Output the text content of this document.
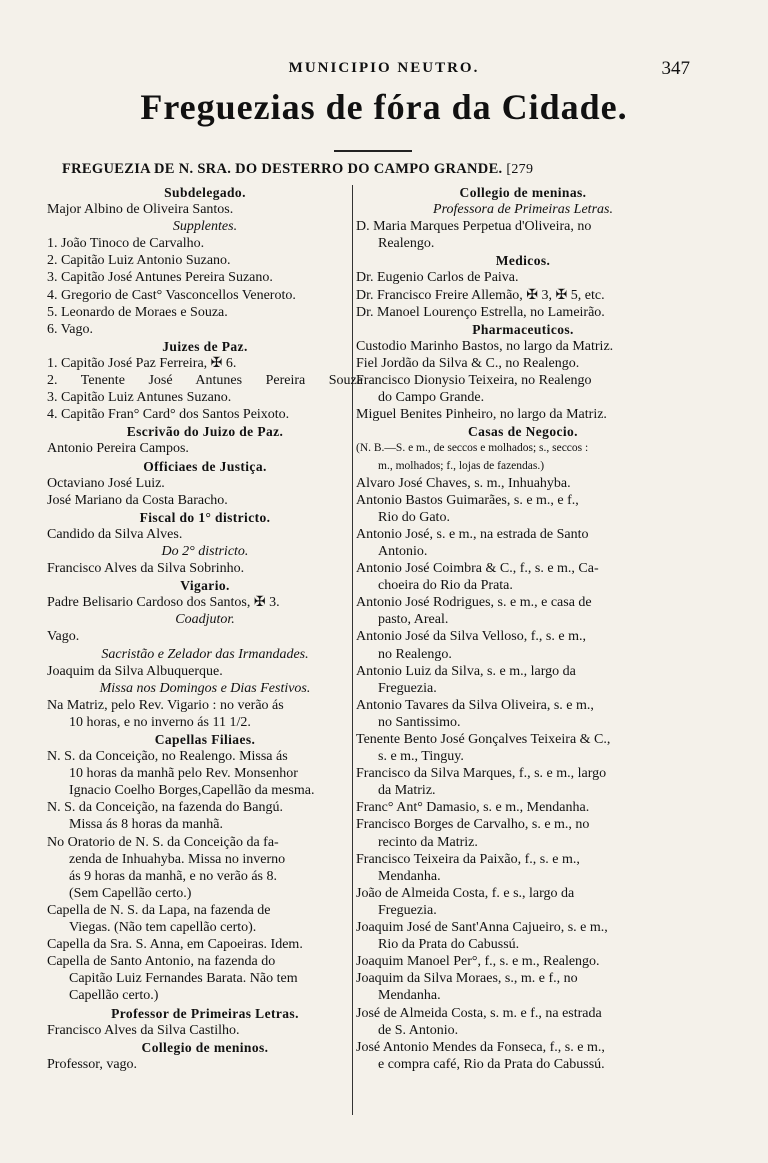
MUNICIPIO NEUTRO.	347
Freguezias de fóra da Cidade.
FREGUEZIA DE N. SRA. DO DESTERRO DO CAMPO GRANDE. [279
Subdelegado.
Major Albino de Oliveira Santos.
Supplentes.
1. João Tinoco de Carvalho.
2. Capitão Luiz Antonio Suzano.
3. Capitão José Antunes Pereira Suzano.
4. Gregorio de Cast° Vasconcellos Veneroto.
5. Leonardo de Moraes e Souza.
6. Vago.
Juizes de Paz.
1. Capitão José Paz Ferreira, ✠ 6.
2. Tenente José Antunes Pereira Souza
3. Capitão Luiz Antunes Suzano.
4. Capitão Fran° Card° dos Santos Peixoto.
Escrivão do Juizo de Paz.
Antonio Pereira Campos.
Officiaes de Justiça.
Octaviano José Luiz.
José Mariano da Costa Baracho.
Fiscal do 1° districto.
Candido da Silva Alves.
Do 2° districto.
Francisco Alves da Silva Sobrinho.
Vigario.
Padre Belisario Cardoso dos Santos, ✠ 3.
Coadjutor.
Vago.
Sacristão e Zelador das Irmandades.
Joaquim da Silva Albuquerque.
Missa nos Domingos e Dias Festivos.
Na Matriz, pelo Rev. Vigario : no verão ás
10 horas, e no inverno ás 11 1/2.
Capellas Filiaes.
N. S. da Conceição, no Realengo. Missa ás
10 horas da manhã pelo Rev. Monsenhor
Ignacio Coelho Borges,Capellão da mesma.
N. S. da Conceição, na fazenda do Bangú.
Missa ás 8 horas da manhã.
No Oratorio de N. S. da Conceição da fa-
zenda de Inhuahyba. Missa no inverno
ás 9 horas da manhã, e no verão ás 8.
(Sem Capellão certo.)
Capella de N. S. da Lapa, na fazenda de
Viegas. (Não tem capellão certo).
Capella da Sra. S. Anna, em Capoeiras. Idem.
Capella de Santo Antonio, na fazenda do
Capitão Luiz Fernandes Barata. Não tem
Capellão certo.)
Professor de Primeiras Letras.
Francisco Alves da Silva Castilho.
Collegio de meninos.
Professor, vago.
Collegio de meninas.
Professora de Primeiras Letras.
D. Maria Marques Perpetua d'Oliveira, no
Realengo.
Medicos.
Dr. Eugenio Carlos de Paiva.
Dr. Francisco Freire Allemão, ✠ 3, ✠ 5, etc.
Dr. Manoel Lourenço Estrella, no Lameirão.
Pharmaceuticos.
Custodio Marinho Bastos, no largo da Matriz.
Fiel Jordão da Silva & C., no Realengo.
Francisco Dionysio Teixeira, no Realengo
do Campo Grande.
Miguel Benites Pinheiro, no largo da Matriz.
Casas de Negocio.
(N. B.—S. e m., de seccos e molhados; s., seccos :
m., molhados; f., lojas de fazendas.)
Alvaro José Chaves, s. m., Inhuahyba.
Antonio Bastos Guimarães, s. e m., e f.,
Rio do Gato.
Antonio José, s. e m., na estrada de Santo
Antonio.
Antonio José Coimbra & C., f., s. e m., Ca-
choeira do Rio da Prata.
Antonio José Rodrigues, s. e m., e casa de
pasto, Areal.
Antonio José da Silva Velloso, f., s. e m.,
no Realengo.
Antonio Luiz da Silva, s. e m., largo da
Freguezia.
Antonio Tavares da Silva Oliveira, s. e m.,
no Santissimo.
Tenente Bento José Gonçalves Teixeira & C.,
s. e m., Tinguy.
Francisco da Silva Marques, f., s. e m., largo
da Matriz.
Franc° Ant° Damasio, s. e m., Mendanha.
Francisco Borges de Carvalho, s. e m., no
recinto da Matriz.
Francisco Teixeira da Paixão, f., s. e m.,
Mendanha.
João de Almeida Costa, f. e s., largo da
Freguezia.
Joaquim José de Sant'Anna Cajueiro, s. e m.,
Rio da Prata do Cabussú.
Joaquim Manoel Per°, f., s. e m., Realengo.
Joaquim da Silva Moraes, s., m. e f., no
Mendanha.
José de Almeida Costa, s. m. e f., na estrada
de S. Antonio.
José Antonio Mendes da Fonseca, f., s. e m.,
e compra café, Rio da Prata do Cabussú.
